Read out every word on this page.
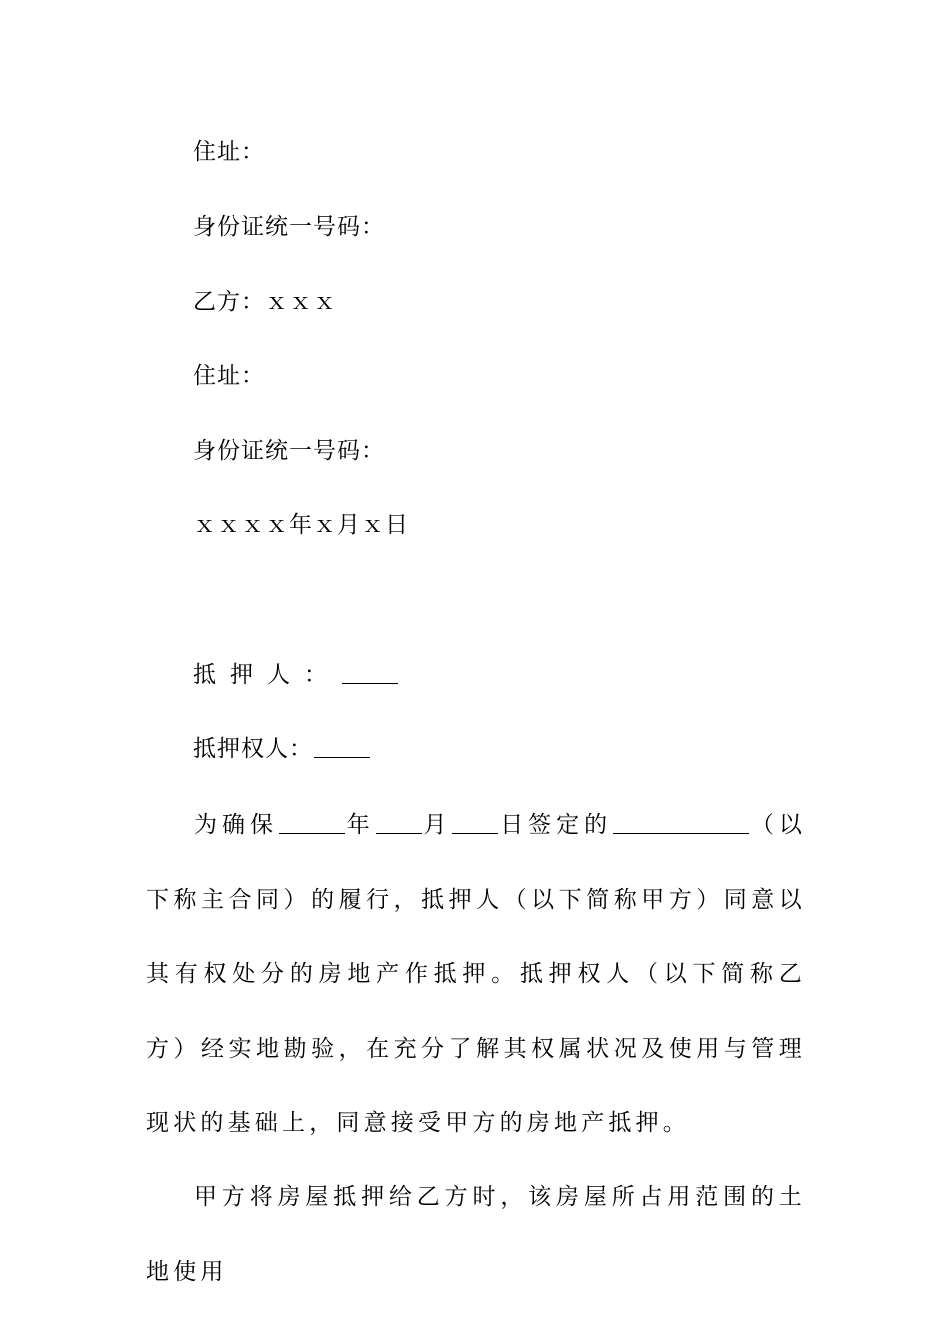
住址：
身份证统一号码：
乙方：ｘｘｘ
住址：
身份证统一号码：
ｘｘｘｘ年ｘ月ｘ日
抵押人：
抵押权人：
为确保	年 月 日签定的	（以下称主合同）的履行，抵押人（以下简称甲方）同意以其有权处分的房地产作抵押。抵押权人（以下简称乙方）经实地勘验，在充分了解其权属状况及使用与管理现状的基础上，同意接受甲方的房地产抵押。
甲方将房屋抵押给乙方时，该房屋所占用范围的土地使用
